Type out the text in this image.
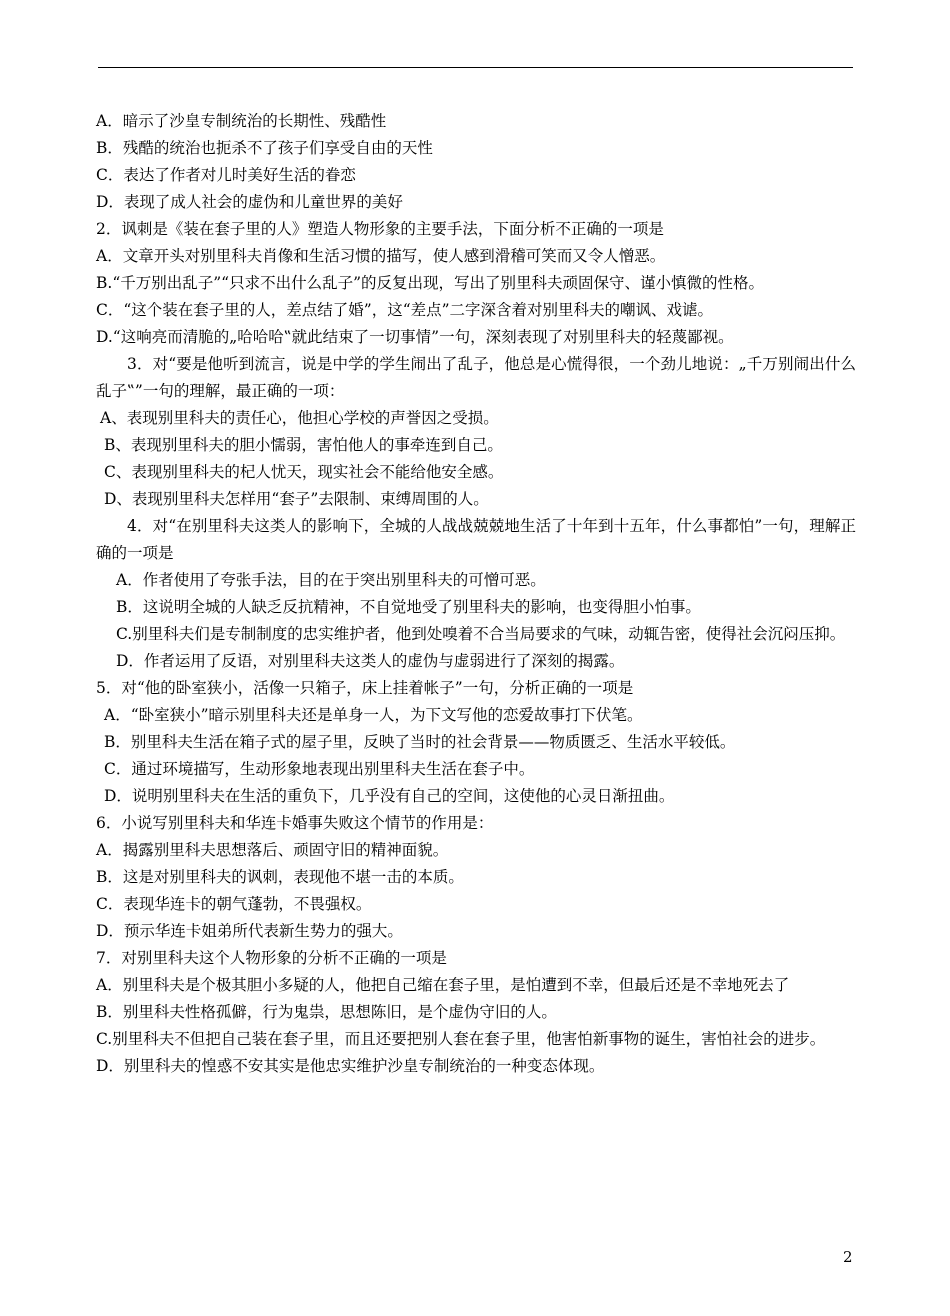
A．暗示了沙皇专制统治的长期性、残酷性
B．残酷的统治也扼杀不了孩子们享受自由的天性
C．表达了作者对儿时美好生活的眷恋
D．表现了成人社会的虚伪和儿童世界的美好
2．讽刺是《装在套子里的人》塑造人物形象的主要手法，下面分析不正确的一项是
A．文章开头对别里科夫肖像和生活习惯的描写，使人感到滑稽可笑而又令人憎恶。
B.“千万别出乱子”“只求不出什么乱子”的反复出现，写出了别里科夫顽固保守、谨小慎微的性格。
C．“这个装在套子里的人，差点结了婚”，这“差点”二字深含着对别里科夫的嘲讽、戏谑。
D.“这响亮而清脆的„哈哈哈‟就此结束了一切事情”一句，深刻表现了对别里科夫的轻蔑鄙视。
3．对“要是他听到流言，说是中学的学生闹出了乱子，他总是心慌得很，一个劲儿地说：„千万别闹出什么乱子‟”一句的理解，最正确的一项：
A、表现别里科夫的责任心，他担心学校的声誉因之受损。
B、表现别里科夫的胆小懦弱，害怕他人的事牵连到自己。
C、表现别里科夫的杞人忧天，现实社会不能给他安全感。
D、表现别里科夫怎样用“套子”去限制、束缚周围的人。
4．对“在别里科夫这类人的影响下，全城的人战战兢兢地生活了十年到十五年，什么事都怕”一句，理解正确的一项是
A．作者使用了夸张手法，目的在于突出别里科夫的可憎可恶。
B．这说明全城的人缺乏反抗精神，不自觉地受了别里科夫的影响，也变得胆小怕事。
C.别里科夫们是专制制度的忠实维护者，他到处嗅着不合当局要求的气味，动辄告密，使得社会沉闷压抑。
D．作者运用了反语，对别里科夫这类人的虚伪与虚弱进行了深刻的揭露。
5．对“他的卧室狭小，活像一只箱子，床上挂着帐子”一句，分析正确的一项是
A．“卧室狭小”暗示别里科夫还是单身一人，为下文写他的恋爱故事打下伏笔。
B．别里科夫生活在箱子式的屋子里，反映了当时的社会背景——物质匮乏、生活水平较低。
C．通过环境描写，生动形象地表现出别里科夫生活在套子中。
D．说明别里科夫在生活的重负下，几乎没有自己的空间，这使他的心灵日渐扭曲。
6．小说写别里科夫和华连卡婚事失败这个情节的作用是：
A．揭露别里科夫思想落后、顽固守旧的精神面貌。
B．这是对别里科夫的讽刺，表现他不堪一击的本质。
C．表现华连卡的朝气蓬勃，不畏强权。
D．预示华连卡姐弟所代表新生势力的强大。
7．对别里科夫这个人物形象的分析不正确的一项是
A．别里科夫是个极其胆小多疑的人，他把自己缩在套子里，是怕遭到不幸，但最后还是不幸地死去了
B．别里科夫性格孤僻，行为鬼祟，思想陈旧，是个虚伪守旧的人。
C.别里科夫不但把自己装在套子里，而且还要把别人套在套子里，他害怕新事物的诞生，害怕社会的进步。
D．别里科夫的惶惑不安其实是他忠实维护沙皇专制统治的一种变态体现。
2
